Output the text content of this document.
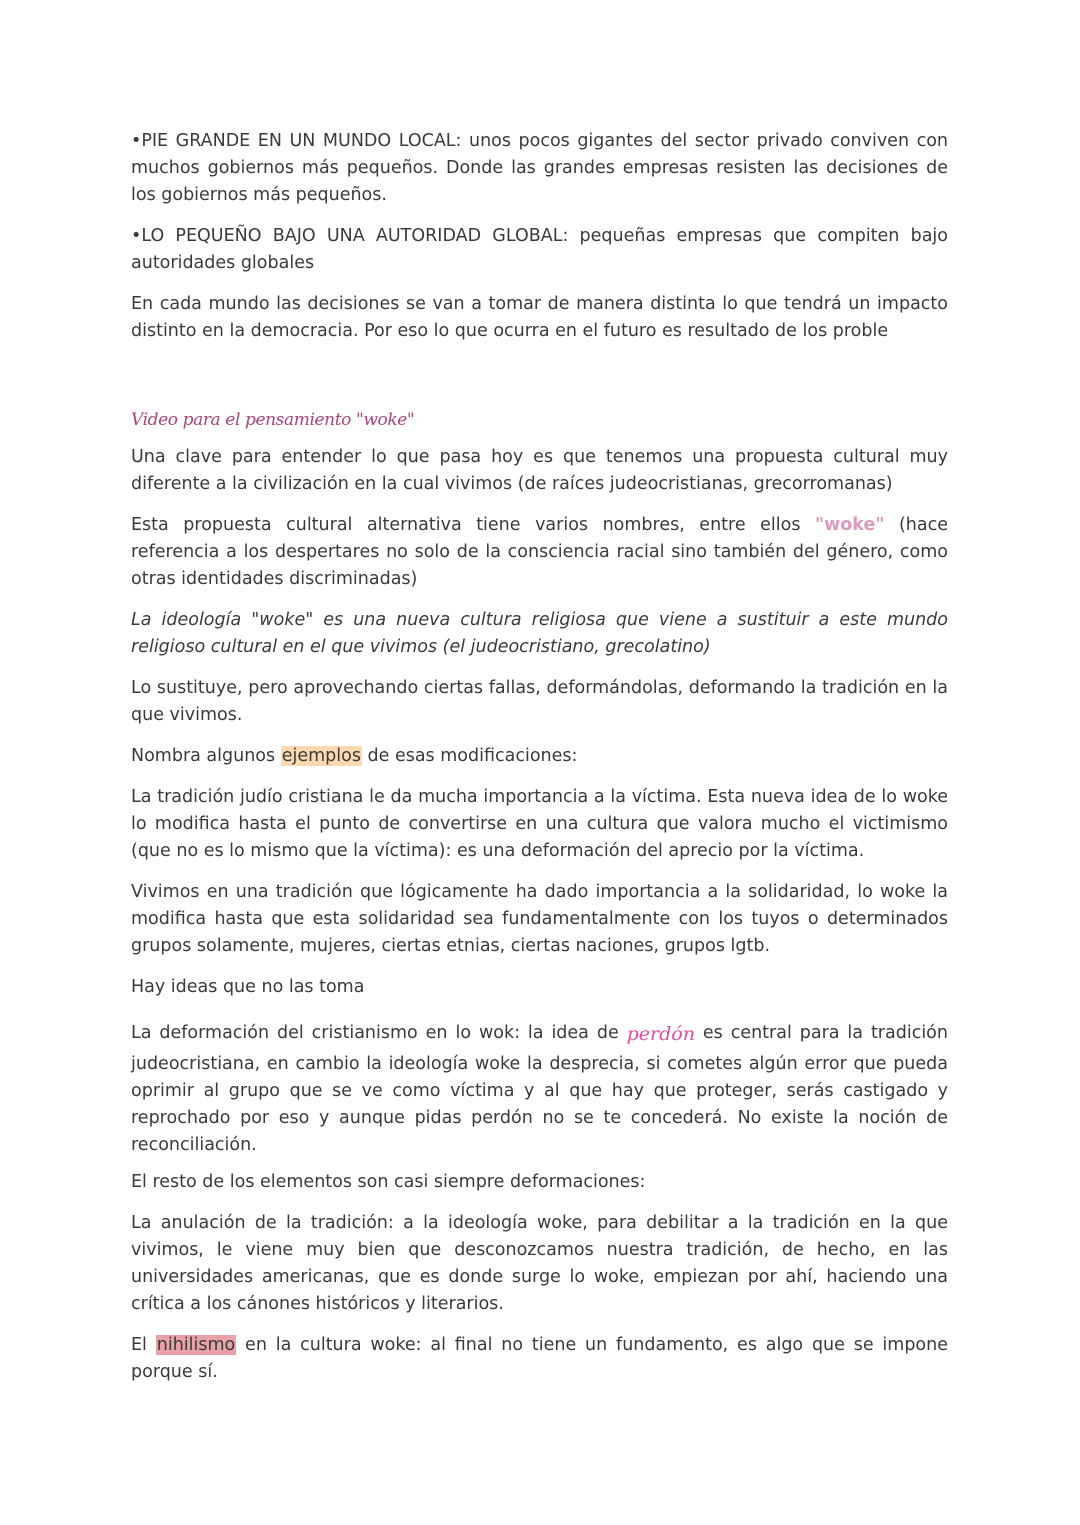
•PIE GRANDE EN UN MUNDO LOCAL: unos pocos gigantes del sector privado conviven con muchos gobiernos más pequeños. Donde las grandes empresas resisten las decisiones de los gobiernos más pequeños.

•LO PEQUEÑO BAJO UNA AUTORIDAD GLOBAL: pequeñas empresas que compiten bajo autoridades globales

En cada mundo las decisiones se van a tomar de manera distinta lo que tendrá un impacto distinto en la democracia. Por eso lo que ocurra en el futuro es resultado de los proble

Video para el pensamiento "woke"

Una clave para entender lo que pasa hoy es que tenemos una propuesta cultural muy diferente a la civilización en la cual vivimos (de raíces judeocristianas, grecorromanas)

Esta propuesta cultural alternativa tiene varios nombres, entre ellos "woke" (hace referencia a los despertares no solo de la consciencia racial sino también del género, como otras identidades discriminadas)

La ideología "woke" es una nueva cultura religiosa que viene a sustituir a este mundo religioso cultural en el que vivimos (el judeocristiano, grecolatino)

Lo sustituye, pero aprovechando ciertas fallas, deformándolas, deformando la tradición en la que vivimos.

Nombra algunos ejemplos de esas modificaciones:

La tradición judío cristiana le da mucha importancia a la víctima. Esta nueva idea de lo woke lo modifica hasta el punto de convertirse en una cultura que valora mucho el victimismo (que no es lo mismo que la víctima): es una deformación del aprecio por la víctima.

Vivimos en una tradición que lógicamente ha dado importancia a la solidaridad, lo woke la modifica hasta que esta solidaridad sea fundamentalmente con los tuyos o determinados grupos solamente, mujeres, ciertas etnias, ciertas naciones, grupos lgtb.

Hay ideas que no las toma

La deformación del cristianismo en lo wok: la idea de perdón es central para la tradición judeocristiana, en cambio la ideología woke la desprecia, si cometes algún error que pueda oprimir al grupo que se ve como víctima y al que hay que proteger, serás castigado y reprochado por eso y aunque pidas perdón no se te concederá. No existe la noción de reconciliación.

El resto de los elementos son casi siempre deformaciones:

La anulación de la tradición: a la ideología woke, para debilitar a la tradición en la que vivimos, le viene muy bien que desconozcamos nuestra tradición, de hecho, en las universidades americanas, que es donde surge lo woke, empiezan por ahí, haciendo una crítica a los cánones históricos y literarios.

El nihilismo en la cultura woke: al final no tiene un fundamento, es algo que se impone porque sí.
